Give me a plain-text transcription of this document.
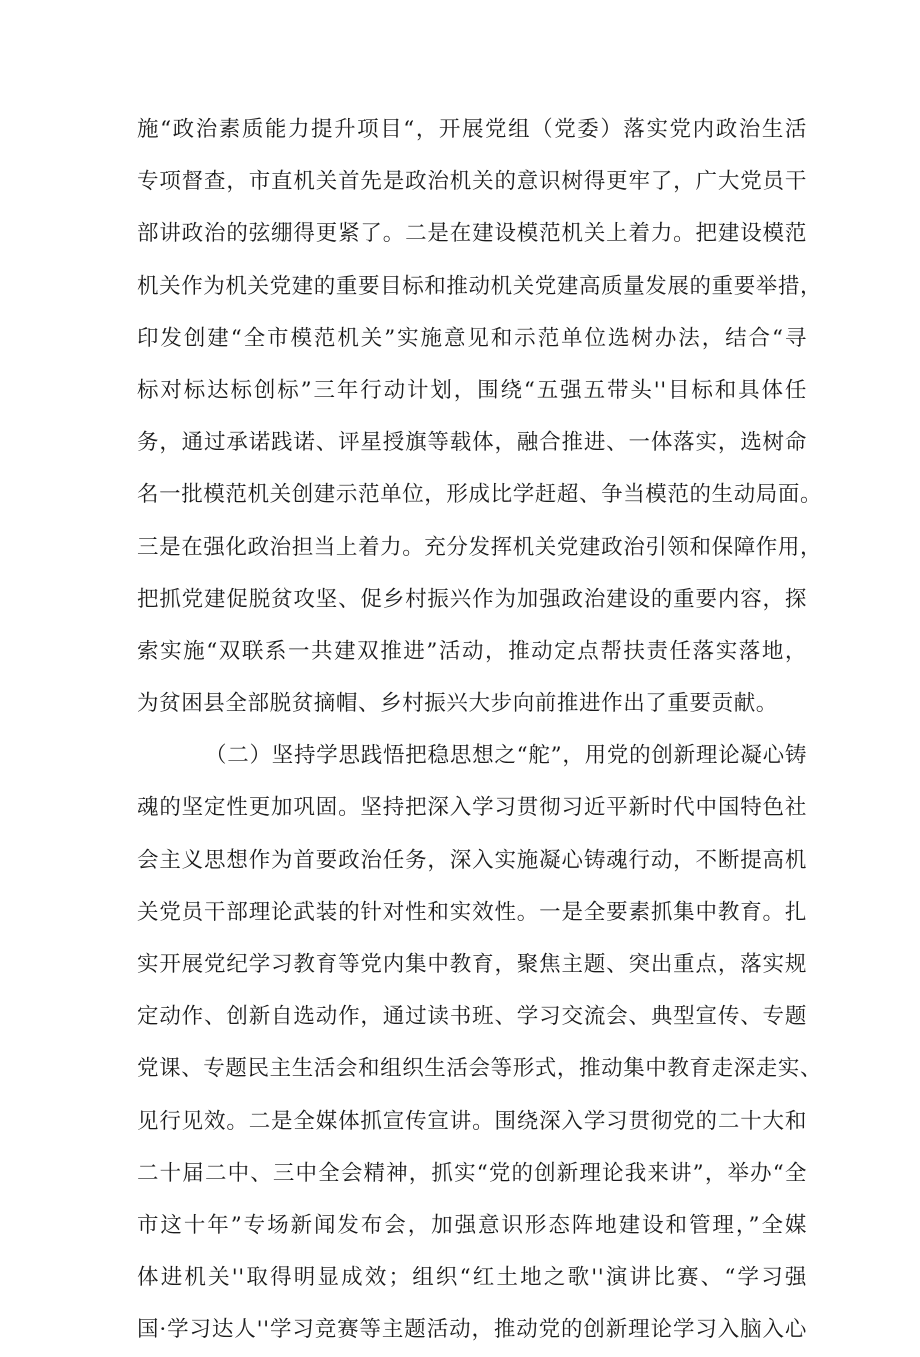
施“政治素质能力提升项目“，开展党组（党委）落实党内政治生活
专项督查，市直机关首先是政治机关的意识树得更牢了，广大党员干
部讲政治的弦绷得更紧了。二是在建设模范机关上着力。把建设模范
机关作为机关党建的重要目标和推动机关党建高质量发展的重要举措，
印发创建“全市模范机关”实施意见和示范单位选树办法，结合“寻
标对标达标创标”三年行动计划，围绕“五强五带头''目标和具体任
务，通过承诺践诺、评星授旗等载体，融合推进、一体落实，选树命
名一批模范机关创建示范单位，形成比学赶超、争当模范的生动局面。
三是在强化政治担当上着力。充分发挥机关党建政治引领和保障作用，
把抓党建促脱贫攻坚、促乡村振兴作为加强政治建设的重要内容，探
索实施“双联系一共建双推进”活动，推动定点帮扶责任落实落地，
为贫困县全部脱贫摘帽、乡村振兴大步向前推进作出了重要贡献。
（二）坚持学思践悟把稳思想之“舵”，用党的创新理论凝心铸
魂的坚定性更加巩固。坚持把深入学习贯彻习近平新时代中国特色社
会主义思想作为首要政治任务，深入实施凝心铸魂行动，不断提高机
关党员干部理论武装的针对性和实效性。一是全要素抓集中教育。扎
实开展党纪学习教育等党内集中教育，聚焦主题、突出重点，落实规
定动作、创新自选动作，通过读书班、学习交流会、典型宣传、专题
党课、专题民主生活会和组织生活会等形式，推动集中教育走深走实、
见行见效。二是全媒体抓宣传宣讲。围绕深入学习贯彻党的二十大和
二十届二中、三中全会精神，抓实“党的创新理论我来讲”，举办“全
市这十年”专场新闻发布会，加强意识形态阵地建设和管理，”全媒
体进机关''取得明显成效；组织“红土地之歌''演讲比赛、“学习强
国·学习达人''学习竞赛等主题活动，推动党的创新理论学习入脑入心
